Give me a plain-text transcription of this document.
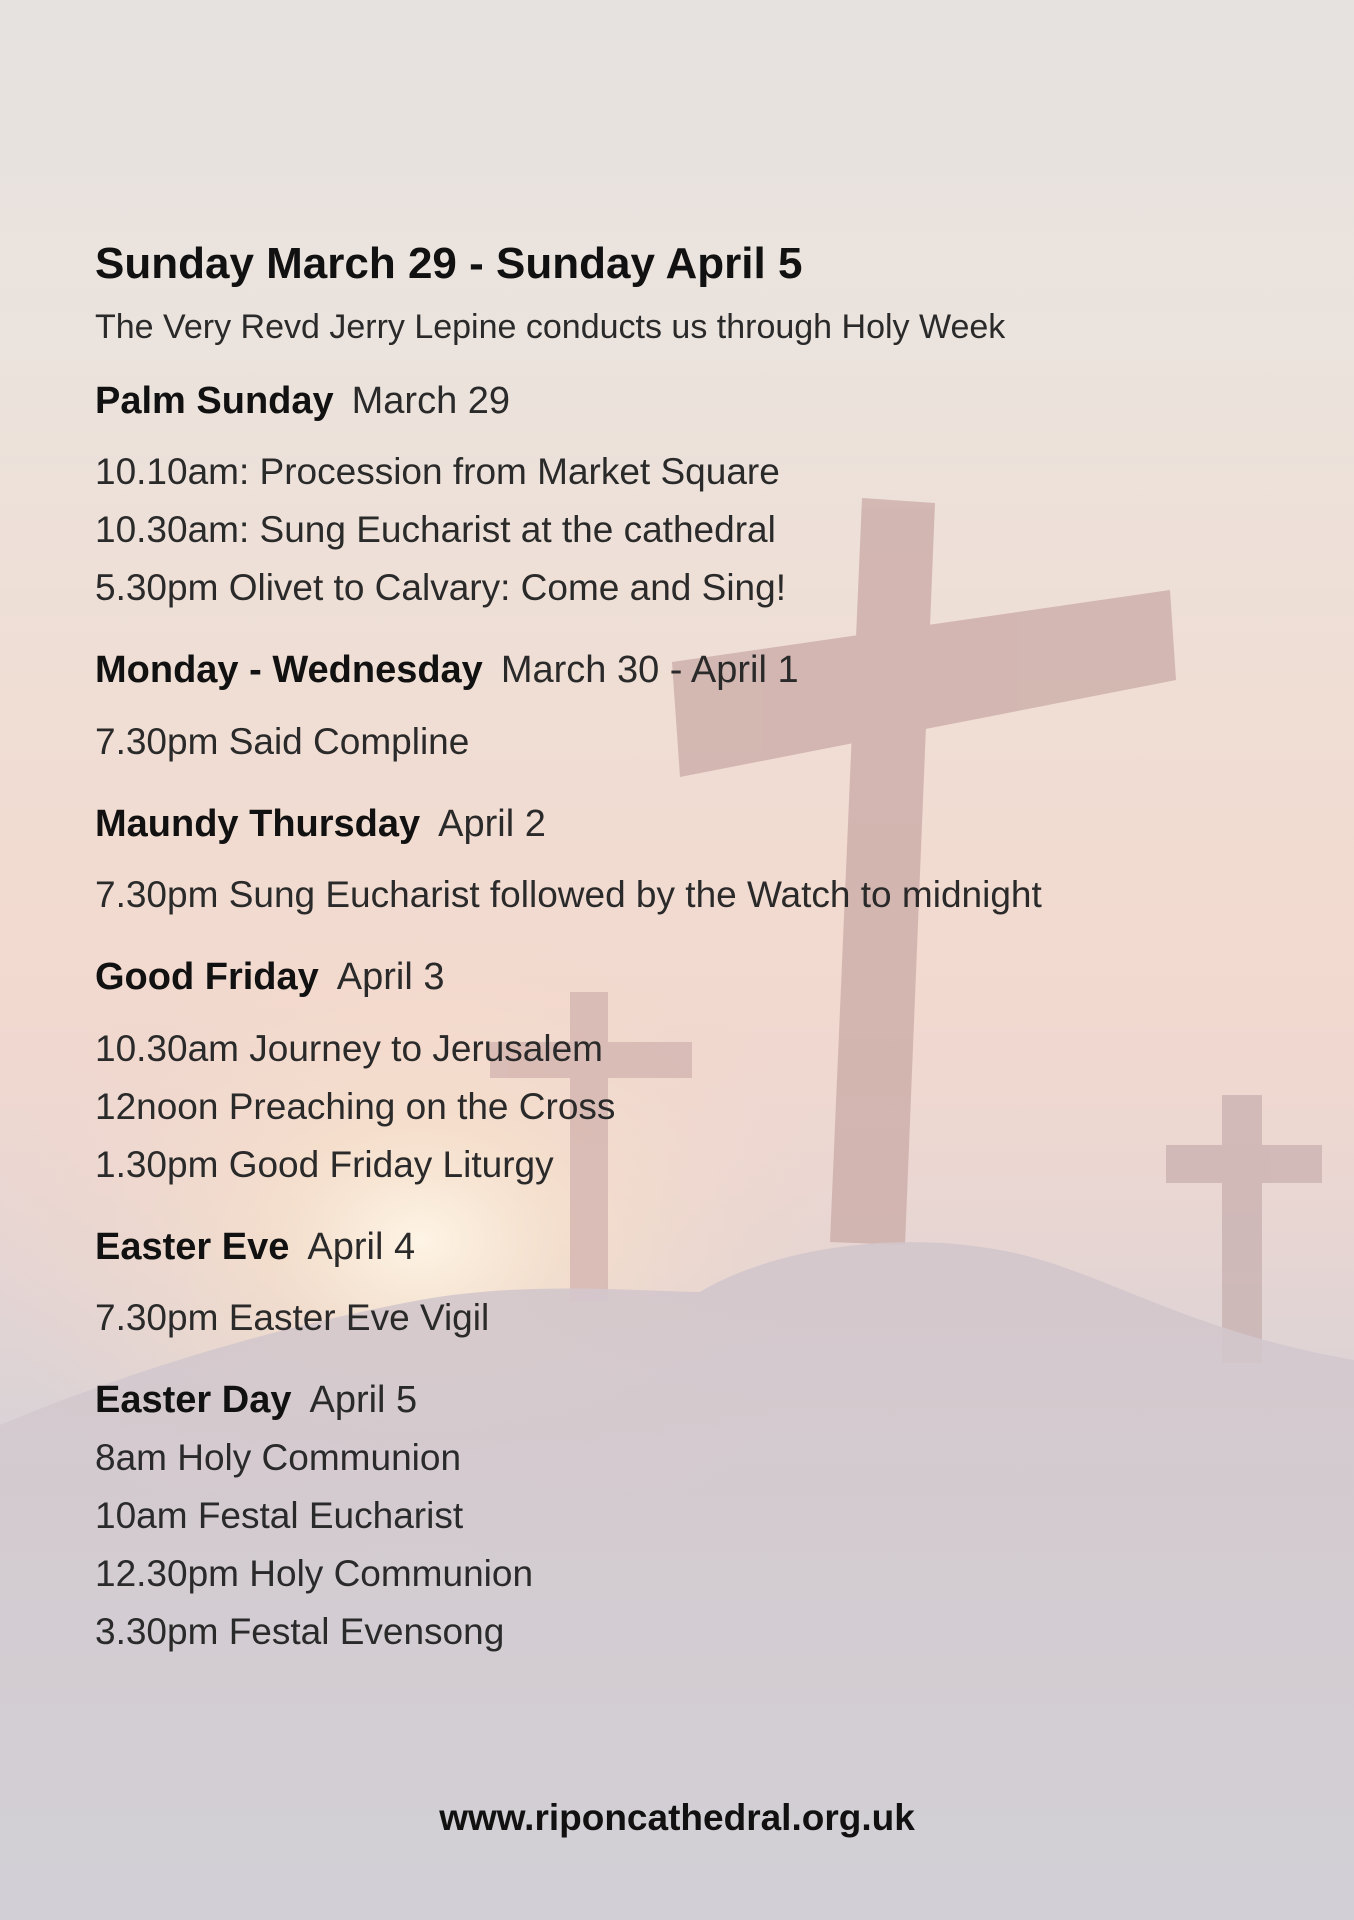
Sunday March 29 - Sunday April 5

The Very Revd Jerry Lepine conducts us through Holy Week

Palm Sunday March 29
10.10am: Procession from Market Square
10.30am: Sung Eucharist at the cathedral
5.30pm Olivet to Calvary: Come and Sing!
Monday - Wednesday March 30 - April 1
7.30pm Said Compline
Maundy Thursday April 2
7.30pm Sung Eucharist followed by the Watch to midnight
Good Friday April 3
10.30am Journey to Jerusalem
12noon Preaching on the Cross
1.30pm Good Friday Liturgy
Easter Eve April 4
7.30pm Easter Eve Vigil
Easter Day April 5
8am Holy Communion
10am Festal Eucharist
12.30pm Holy Communion
3.30pm Festal Evensong
www.riponcathedral.org.uk
